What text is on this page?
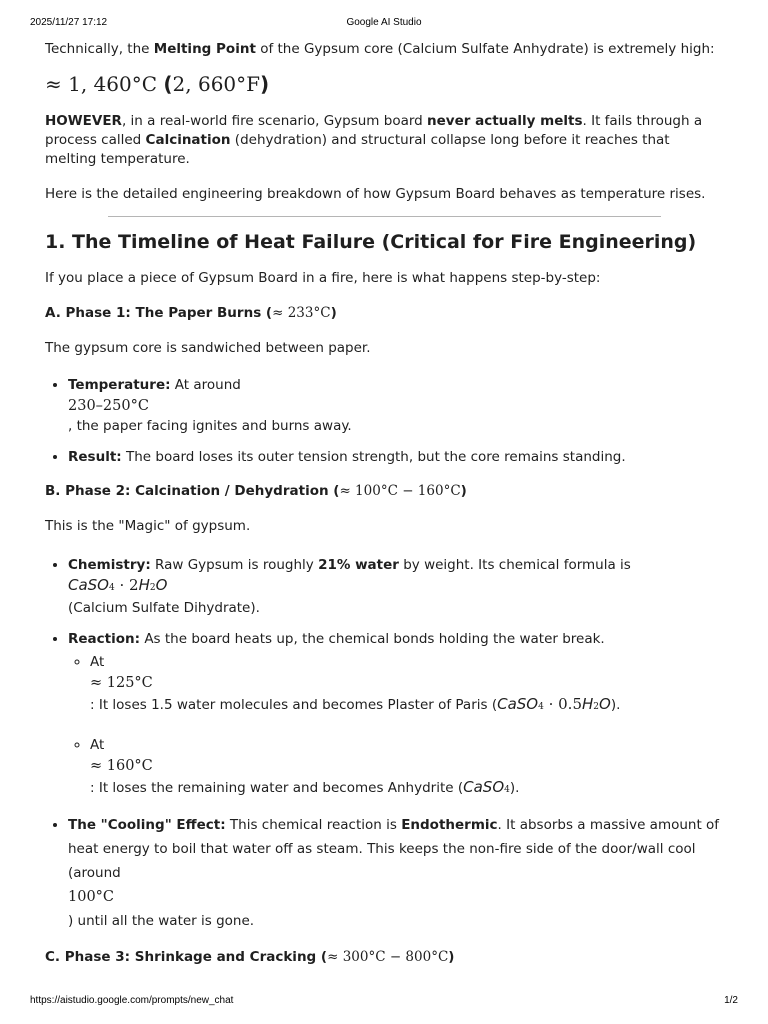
2025/11/27 17:12	Google AI Studio

Technically, the Melting Point of the Gypsum core (Calcium Sulfate Anhydrate) is extremely high:

≈ 1, 460°C (2, 660°F)

HOWEVER, in a real-world fire scenario, Gypsum board never actually melts. It fails through a process called Calcination (dehydration) and structural collapse long before it reaches that melting temperature.

Here is the detailed engineering breakdown of how Gypsum Board behaves as temperature rises.

1. The Timeline of Heat Failure (Critical for Fire Engineering)

If you place a piece of Gypsum Board in a fire, here is what happens step-by-step:

A. Phase 1: The Paper Burns (≈ 233°C)

The gypsum core is sandwiched between paper.

• Temperature: At around
230–250°C
, the paper facing ignites and burns away.
• Result: The board loses its outer tension strength, but the core remains standing.
B. Phase 2: Calcination / Dehydration (≈ 100°C − 160°C)

This is the "Magic" of gypsum.

• Chemistry: Raw Gypsum is roughly 21% water by weight. Its chemical formula is
CaSO4 · 2H2O
(Calcium Sulfate Dihydrate).
• Reaction: As the board heats up, the chemical bonds holding the water break.
◦ At
≈ 125°C
: It loses 1.5 water molecules and becomes Plaster of Paris (CaSO4 · 0.5H2O).
◦ At
≈ 160°C
: It loses the remaining water and becomes Anhydrite (CaSO4).
• The "Cooling" Effect: This chemical reaction is Endothermic. It absorbs a massive amount of heat energy to boil that water off as steam. This keeps the non-fire side of the door/wall cool (around
100°C
) until all the water is gone.
C. Phase 3: Shrinkage and Cracking (≈ 300°C − 800°C)
https://aistudio.google.com/prompts/new_chat	1/2
